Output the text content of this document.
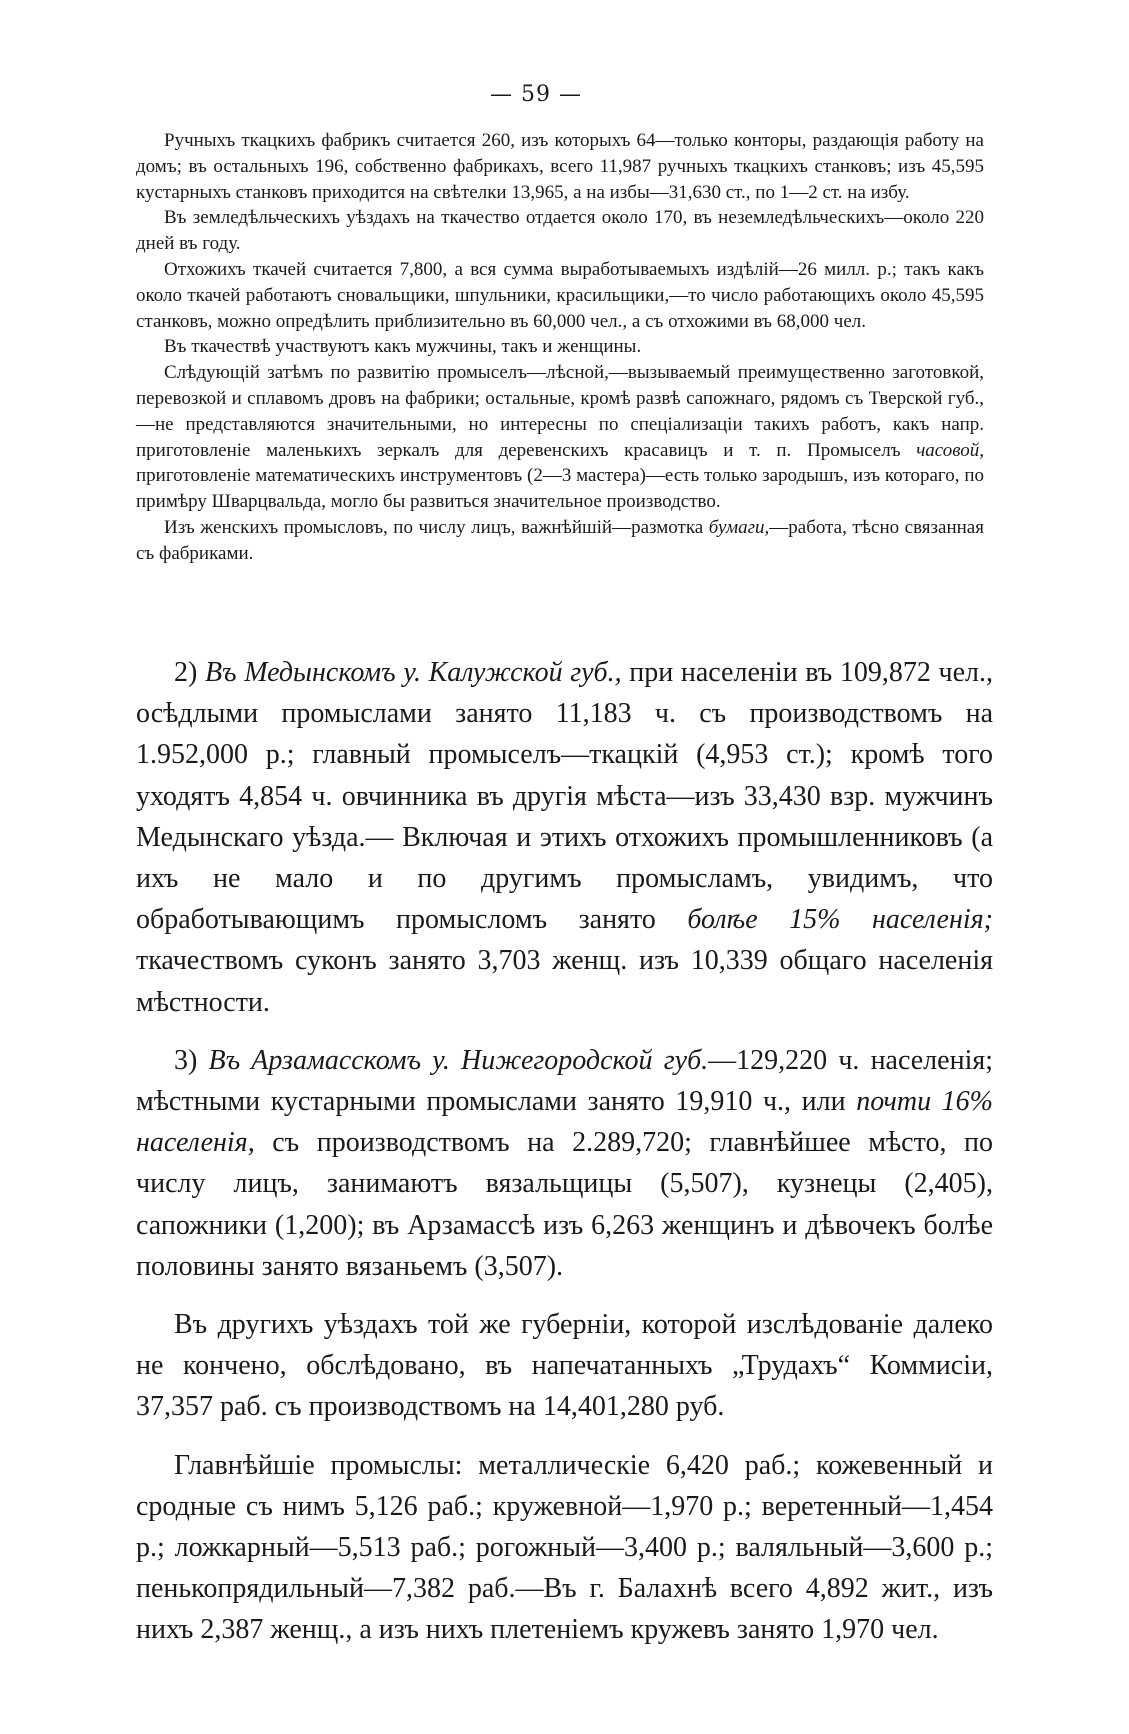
— 59 —

Ручныхъ ткацкихъ фабрикъ считается 260, изъ которыхъ 64—только конторы, раздающія работу на домъ; въ остальныхъ 196, собственно фабрикахъ, всего 11,987 ручныхъ ткацкихъ станковъ; изъ 45,595 кустарныхъ станковъ приходится на свѣтелки 13,965, а на избы—31,630 ст., по 1—2 ст. на избу.

Въ земледѣльческихъ уѣздахъ на ткачество отдается около 170, въ неземледѣльческихъ—около 220 дней въ году.

Отхожихъ ткачей считается 7,800, а вся сумма выработываемыхъ издѣлій—26 милл. р.; такъ какъ около ткачей работаютъ сновальщики, шпульники, красильщики,—то число работающихъ около 45,595 станковъ, можно опредѣлить приблизительно въ 60,000 чел., а съ отхожими въ 68,000 чел.

Въ ткачествѣ участвуютъ какъ мужчины, такъ и женщины.

Слѣдующій затѣмъ по развитію промыселъ—лѣсной,—вызываемый преимущественно заготовкой, перевозкой и сплавомъ дровъ на фабрики; остальные, кромѣ развѣ сапожнаго, рядомъ съ Тверской губ.,—не представляются значительными, но интересны по спеціализаціи такихъ работъ, какъ напр. приготовленіе маленькихъ зеркалъ для деревенскихъ красавицъ и т. п. Промыселъ часовой, приготовленіе математическихъ инструментовъ (2—3 мастера)—есть только зародышъ, изъ котораго, по примѣру Шварцвальда, могло бы развиться значительное производство.

Изъ женскихъ промысловъ, по числу лицъ, важнѣйшій—размотка бумаги,—работа, тѣсно связанная съ фабриками.

2) Въ Медынскомъ у. Калужской губ., при населеніи въ 109,872 чел., осѣдлыми промыслами занято 11,183 ч. съ производствомъ на 1.952,000 р.; главный промыселъ—ткацкій (4,953 ст.); кромѣ того уходятъ 4,854 ч. овчинника въ другія мѣста—изъ 33,430 взр. мужчинъ Медынскаго уѣзда.— Включая и этихъ отхожихъ промышленниковъ (а ихъ не мало и по другимъ промысламъ, увидимъ, что обработывающимъ промысломъ занято болѣе 15% населенія; ткачествомъ суконъ занято 3,703 женщ. изъ 10,339 общаго населенія мѣстности.

3) Въ Арзамасскомъ у. Нижегородской губ.—129,220 ч. населенія; мѣстными кустарными промыслами занято 19,910 ч., или почти 16% населенія, съ производствомъ на 2.289,720; главнѣйшее мѣсто, по числу лицъ, занимаютъ вязальщицы (5,507), кузнецы (2,405), сапожники (1,200); въ Арзамассѣ изъ 6,263 женщинъ и дѣвочекъ болѣе половины занято вязаньемъ (3,507).

Въ другихъ уѣздахъ той же губерніи, которой изслѣдованіе далеко не кончено, обслѣдовано, въ напечатанныхъ „Трудахъ“ Коммисіи, 37,357 раб. съ производствомъ на 14,401,280 руб.

Главнѣйшіе промыслы: металлическіе 6,420 раб.; кожевенный и сродные съ нимъ 5,126 раб.; кружевной—1,970 р.; веретенный—1,454 р.; ложкарный—5,513 раб.; рогожный—3,400 р.; валяльный—3,600 р.; пенькопрядильный—7,382 раб.—Въ г. Балахнѣ всего 4,892 жит., изъ нихъ 2,387 женщ., а изъ нихъ плетеніемъ кружевъ занято 1,970 чел.
